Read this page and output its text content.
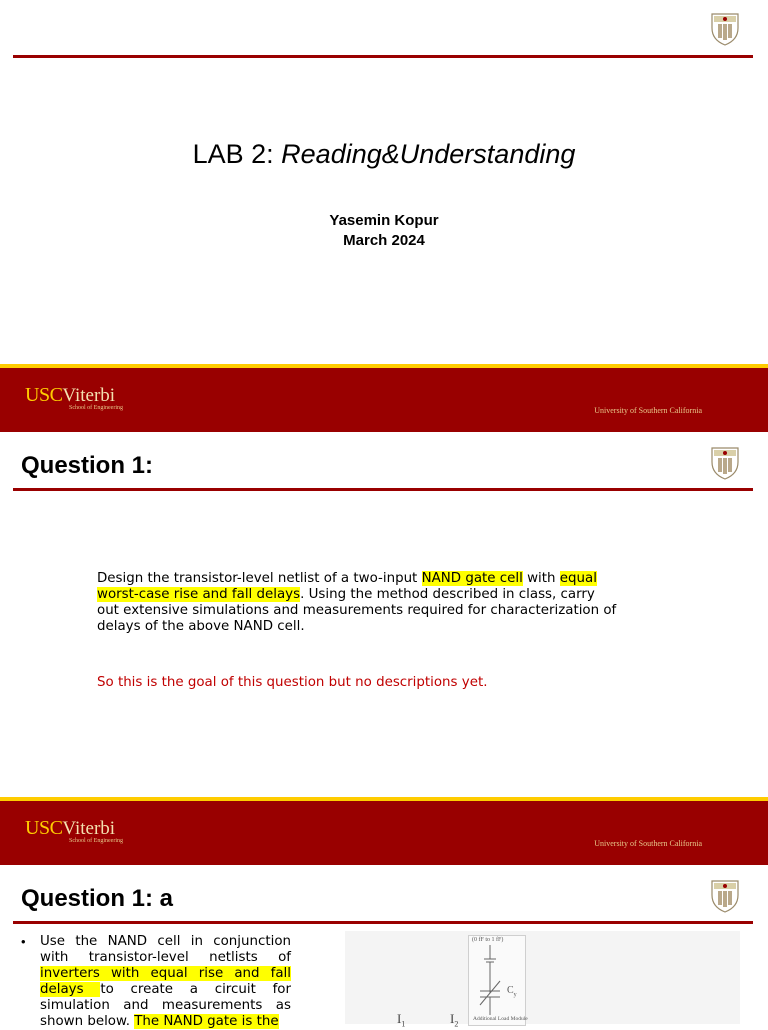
LAB 2: Reading&Understanding
Yasemin Kopur
March 2024
USCViterbi
School of Engineering	University of Southern California
Question 1:

Design the transistor-level netlist of a two-input NAND gate cell with equal worst-case rise and fall delays. Using the method described in class, carry out extensive simulations and measurements required for characterization of delays of the above NAND cell.

So this is the goal of this question but no descriptions yet.

USCViterbi
School of Engineering	University of Southern California
Question 1: a
• Use the NAND cell in conjunction with transistor-level netlists of inverters with equal rise and fall delays to create a circuit for simulation and measurements as shown below. The NAND gate is the

(0 fF to 1 fF)
$C_y$
$I_1$	$I_2$
Additional Load Module
